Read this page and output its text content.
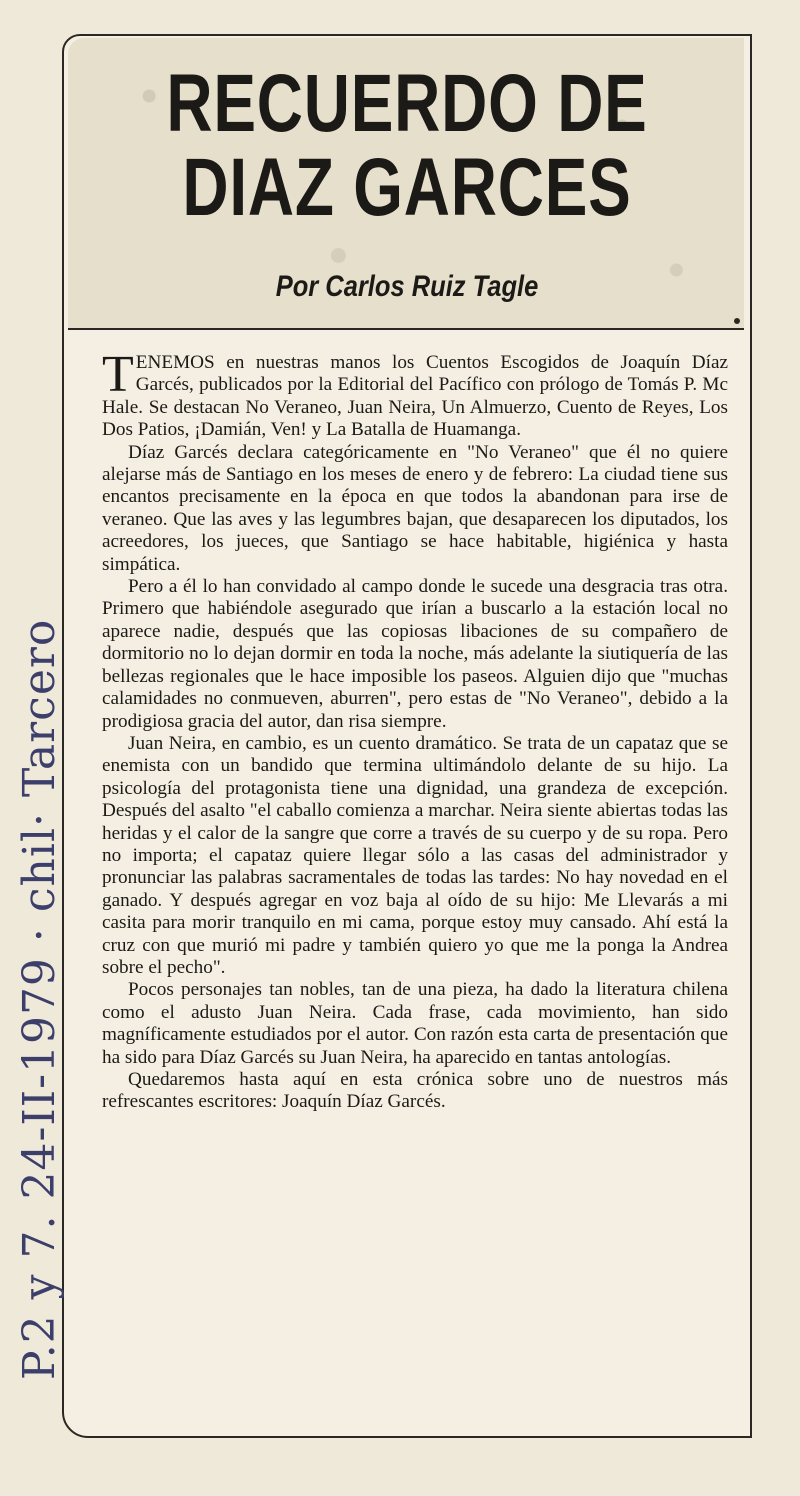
RECUERDO DE
DIAZ GARCES
Por Carlos Ruiz Tagle

TENEMOS en nuestras manos los Cuentos Escogidos de Joaquín Díaz Garcés, publicados por la Editorial del Pacífico con prólogo de Tomás P. Mc Hale. Se destacan No Veraneo, Juan Neira, Un Almuerzo, Cuento de Reyes, Los Dos Patios, ¡Damián, Ven! y La Batalla de Huamanga.

Díaz Garcés declara categóricamente en "No Veraneo" que él no quiere alejarse más de Santiago en los meses de enero y de febrero: La ciudad tiene sus encantos precisamente en la época en que todos la abandonan para irse de veraneo. Que las aves y las legumbres bajan, que desaparecen los diputados, los acreedores, los jueces, que Santiago se hace habitable, higiénica y hasta simpática.

Pero a él lo han convidado al campo donde le sucede una desgracia tras otra. Primero que habiéndole asegurado que irían a buscarlo a la estación local no aparece nadie, después que las copiosas libaciones de su compañero de dormitorio no lo dejan dormir en toda la noche, más adelante la siutiquería de las bellezas regionales que le hace imposible los paseos. Alguien dijo que "muchas calamidades no conmueven, aburren", pero estas de "No Veraneo", debido a la prodigiosa gracia del autor, dan risa siempre.

Juan Neira, en cambio, es un cuento dramático. Se trata de un capataz que se enemista con un bandido que termina ultimándolo delante de su hijo. La psicología del protagonista tiene una dignidad, una grandeza de excepción. Después del asalto "el caballo comienza a marchar. Neira siente abiertas todas las heridas y el calor de la sangre que corre a través de su cuerpo y de su ropa. Pero no importa; el capataz quiere llegar sólo a las casas del administrador y pronunciar las palabras sacramentales de todas las tardes: No hay novedad en el ganado. Y después agregar en voz baja al oído de su hijo: Me Llevarás a mi casita para morir tranquilo en mi cama, porque estoy muy cansado. Ahí está la cruz con que murió mi padre y también quiero yo que me la ponga la Andrea sobre el pecho".

Pocos personajes tan nobles, tan de una pieza, ha dado la literatura chilena como el adusto Juan Neira. Cada frase, cada movimiento, han sido magníficamente estudiados por el autor. Con razón esta carta de presentación que ha sido para Díaz Garcés su Juan Neira, ha aparecido en tantas antologías.

Quedaremos hasta aquí en esta crónica sobre uno de nuestros más refrescantes escritores: Joaquín Díaz Garcés.

P.2 y 7. 24-II-1979 · chil· Tarcero
